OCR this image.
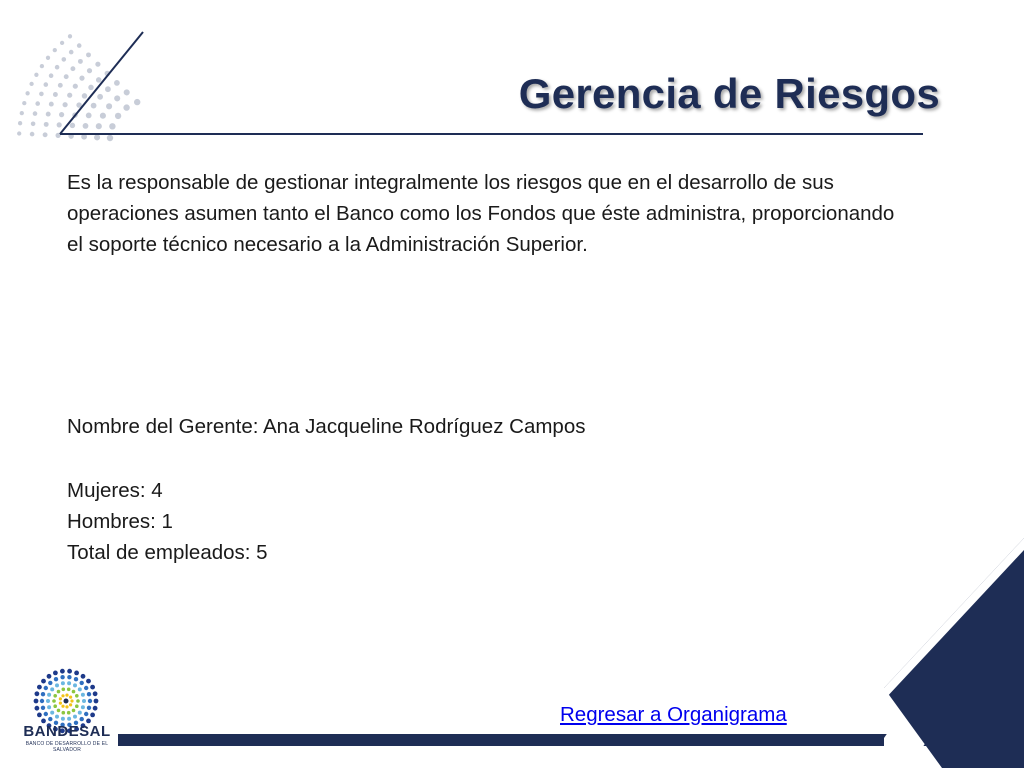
Gerencia de Riesgos

Es la responsable de gestionar integralmente los riesgos que en el desarrollo de sus operaciones asumen tanto el Banco como los Fondos que éste administra, proporcionando el soporte técnico necesario a la Administración Superior.

Nombre del Gerente: Ana Jacqueline Rodríguez Campos
Mujeres: 4
Hombres: 1
Total de empleados: 5
Regresar a Organigrama
BANDESAL
BANCO DE DESARROLLO DE EL SALVADOR
